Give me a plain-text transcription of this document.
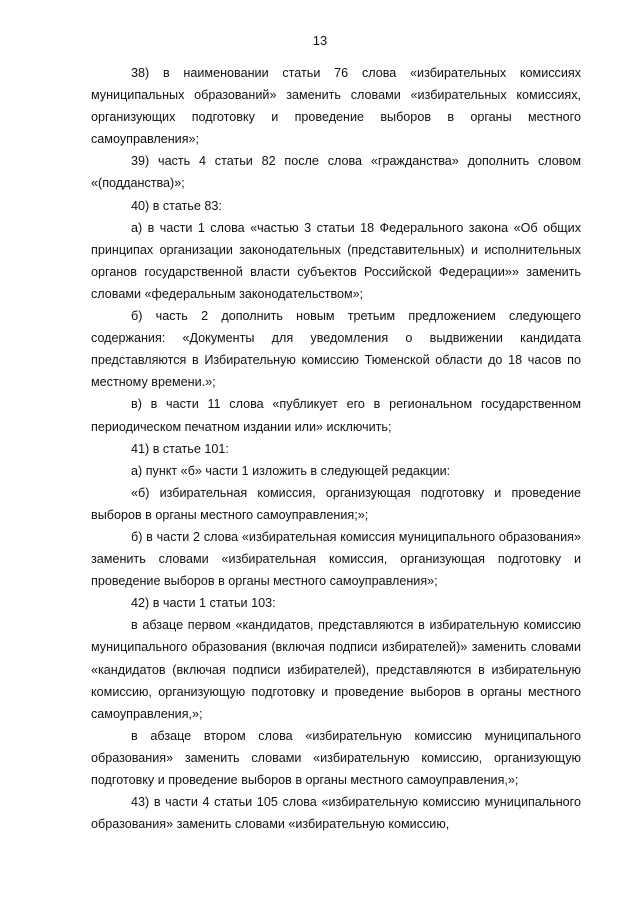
13

38) в наименовании статьи 76 слова «избирательных комиссиях муниципальных образований» заменить словами «избирательных комиссиях, организующих подготовку и проведение выборов в органы местного самоуправления»;

39) часть 4 статьи 82 после слова «гражданства» дополнить словом «(подданства)»;

40) в статье 83:

а) в части 1 слова «частью 3 статьи 18 Федерального закона «Об общих принципах организации законодательных (представительных) и исполнительных органов государственной власти субъектов Российской Федерации»» заменить словами «федеральным законодательством»;

б) часть 2 дополнить новым третьим предложением следующего содержания: «Документы для уведомления о выдвижении кандидата представляются в Избирательную комиссию Тюменской области до 18 часов по местному времени.»;

в) в части 11 слова «публикует его в региональном государственном периодическом печатном издании или» исключить;

41) в статье 101:

а) пункт «б» части 1 изложить в следующей редакции:

«б) избирательная комиссия, организующая подготовку и проведение выборов в органы местного самоуправления;»;

б) в части 2 слова «избирательная комиссия муниципального образования» заменить словами «избирательная комиссия, организующая подготовку и проведение выборов в органы местного самоуправления»;

42) в части 1 статьи 103:

в абзаце первом «кандидатов, представляются в избирательную комиссию муниципального образования (включая подписи избирателей)» заменить словами «кандидатов (включая подписи избирателей), представляются в избирательную комиссию, организующую подготовку и проведение выборов в органы местного самоуправления,»;

в абзаце втором слова «избирательную комиссию муниципального образования» заменить словами «избирательную комиссию, организующую подготовку и проведение выборов в органы местного самоуправления,»;

43) в части 4 статьи 105 слова «избирательную комиссию муниципального образования» заменить словами «избирательную комиссию,
